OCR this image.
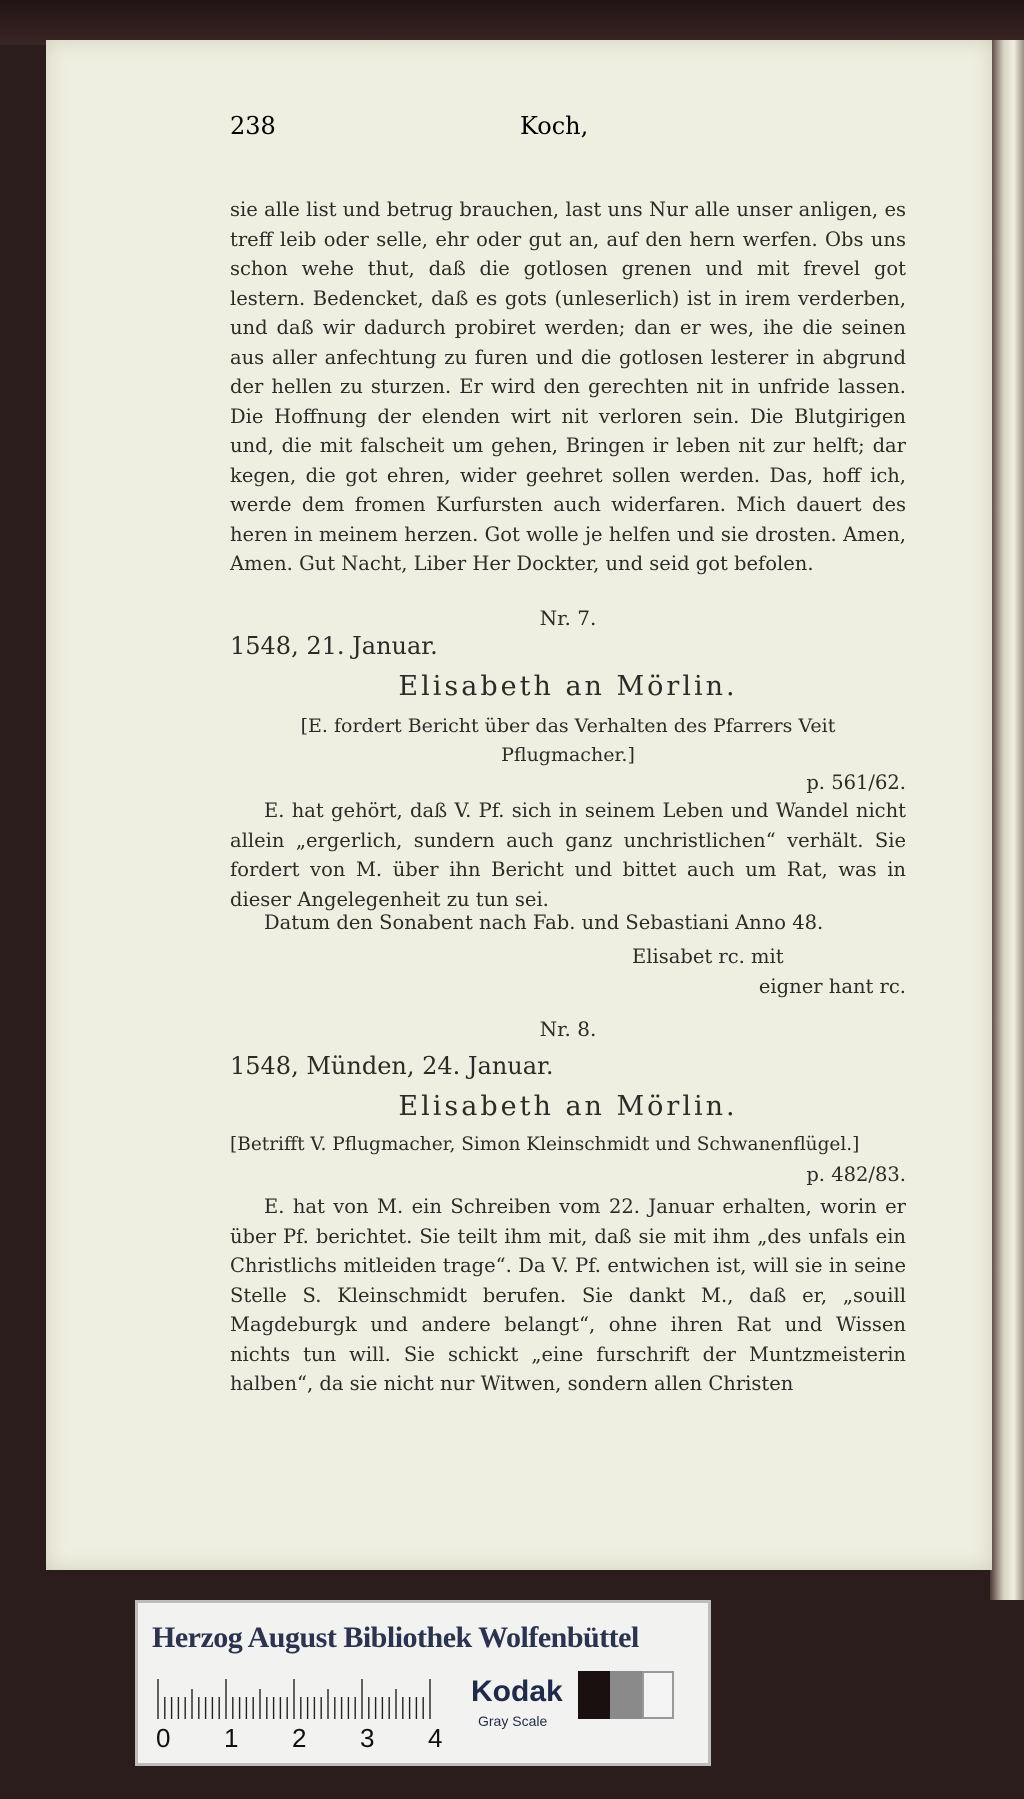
238	Koch,

sie alle list und betrug brauchen, last uns Nur alle unser anligen, es treff leib oder selle, ehr oder gut an, auf den hern werfen. Obs uns schon wehe thut, daß die gotlosen grenen und mit frevel got lestern. Bedencket, daß es gots (unleserlich) ist in irem verderben, und daß wir dadurch probiret werden; dan er wes, ihe die seinen aus aller anfechtung zu furen und die gotlosen lesterer in abgrund der hellen zu sturzen. Er wird den gerechten nit in unfride lassen. Die Hoffnung der elenden wirt nit verloren sein. Die Blutgirigen und, die mit falscheit um gehen, Bringen ir leben nit zur helft; dar kegen, die got ehren, wider geehret sollen werden. Das, hoff ich, werde dem fromen Kurfursten auch widerfaren. Mich dauert des heren in meinem herzen. Got wolle je helfen und sie drosten. Amen, Amen. Gut Nacht, Liber Her Dockter, und seid got befolen.

Nr. 7.
1548, 21. Januar.
Elisabeth an Mörlin.
[E. fordert Bericht über das Verhalten des Pfarrers Veit Pflugmacher.]
p. 561/62.
E. hat gehört, daß V. Pf. sich in seinem Leben und Wandel nicht allein „ergerlich, sundern auch ganz unchristlichen“ verhält. Sie fordert von M. über ihn Bericht und bittet auch um Rat, was in dieser Angelegenheit zu tun sei.
Datum den Sonabent nach Fab. und Sebastiani Anno 48.
Elisabet rc. mit
eigner hant rc.
Nr. 8.
1548, Münden, 24. Januar.
Elisabeth an Mörlin.
[Betrifft V. Pflugmacher, Simon Kleinschmidt und Schwanenflügel.]
p. 482/83.
E. hat von M. ein Schreiben vom 22. Januar erhalten, worin er über Pf. berichtet. Sie teilt ihm mit, daß sie mit ihm „des unfals ein Christlichs mitleiden trage“. Da V. Pf. entwichen ist, will sie in seine Stelle S. Kleinschmidt berufen. Sie dankt M., daß er, „souill Magdeburgk und andere belangt“, ohne ihren Rat und Wissen nichts tun will. Sie schickt „eine furschrift der Muntzmeisterin halben“, da sie nicht nur Witwen, sondern allen Christen
Herzog August Bibliothek Wolfenbüttel
0 1 2 3 4
Kodak
Gray Scale
